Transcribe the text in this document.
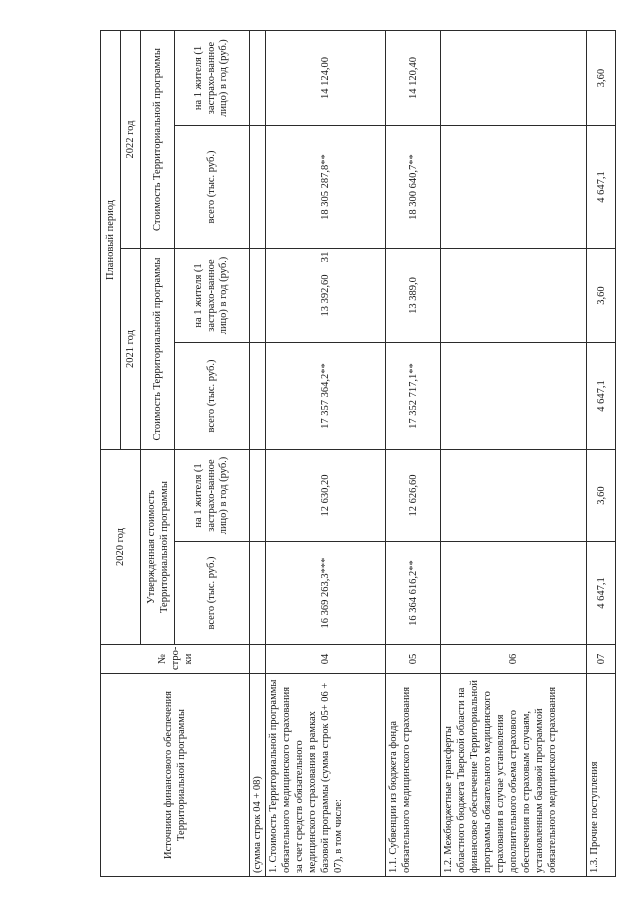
31
Источники финансового обеспечения Территориальной программы	№ стро-ки	2020 год		Плановый период			
				2021 год		2022 год	
		Утвержденная стоимость Территориальной программы		Стоимость Территориальной программы		Стоимость Территориальной программы	
		всего (тыс. руб.)	на 1 жителя (1 застрахо-ванное лицо) в год (руб.)	всего (тыс. руб.)	на 1 жителя (1 застрахо-ванное лицо) в год (руб.)	всего (тыс. руб.)	на 1 жителя (1 застрахо-ванное лицо) в год (руб.)
(сумма строк 04 + 08)							
1. Стоимость Территориальной программы обязательного медицинского страхования за счет средств обязательного медицинского страхования в рамках базовой программы (сумма строк 05+ 06 + 07), в том числе:	04	16 369 263,3***	12 630,20	17 357 364,2**	13 392,60	18 305 287,8**	14 124,00
1.1. Субвенции из бюджета фонда обязательного медицинского страхования	05	16 364 616,2**	12 626,60	17 352 717,1**	13 389,0	18 300 640,7**	14 120,40
1.2. Межбюджетные трансферты областного бюджета Тверской области на финансовое обеспечение Территориальной программы обязательного медицинского страхования в случае установления дополнительного объема страхового обеспечения по страховым случаям, установленным базовой программой обязательного медицинского страхования	06						
1.3. Прочие поступления	07	4 647,1	3,60	4 647,1	3,60	4 647,1	3,60
